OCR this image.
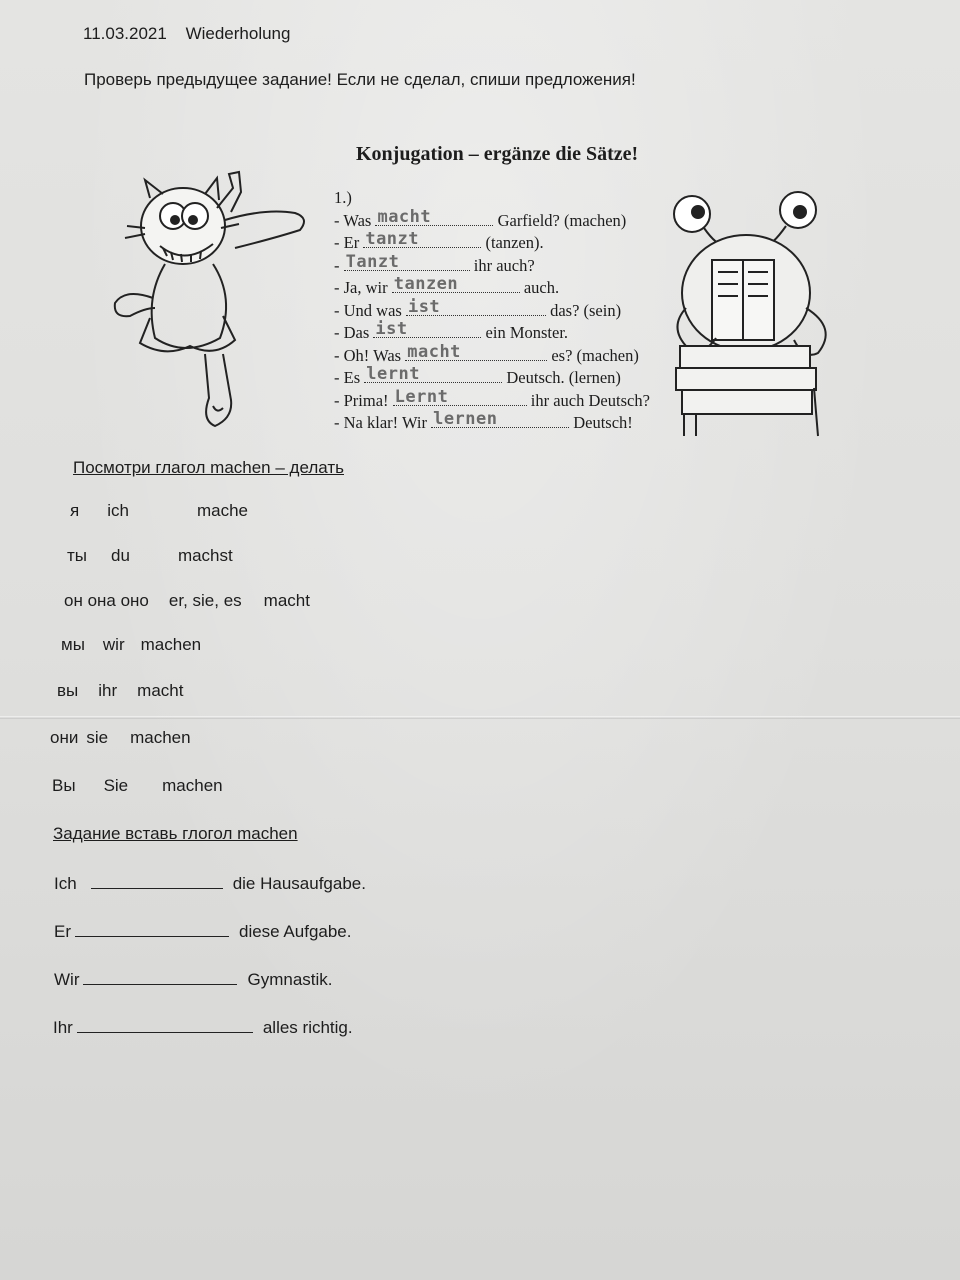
11.03.2021 Wiederholung
Проверь предыдущее задание! Если не сделал, спиши предложения!
Konjugation – ergänze die Sätze!
1.)
- Was macht	Garfield? (machen)
- Er tanzt	(tanzen).
- Tanzt	ihr auch?
- Ja, wir tanzen	auch.
- Und was ist	das? (sein)
- Das ist	ein Monster.
- Oh! Was macht	es? (machen)
- Es lernt	Deutsch. (lernen)
- Prima! Lernt	ihr auch Deutsch?
- Na klar! Wir lernen	Deutsch!
Посмотри глагол machen – делать
я ich	mache
ты du	machst
он она оно er, sie, es macht
мы wir machen
вы ihr macht
они sie machen
Вы Sie machen
Задание вставь глогол machen
Ich	die Hausaufgabe.
Er	diese Aufgabe.
Wir	Gymnastik.
Ihr	alles richtig.
